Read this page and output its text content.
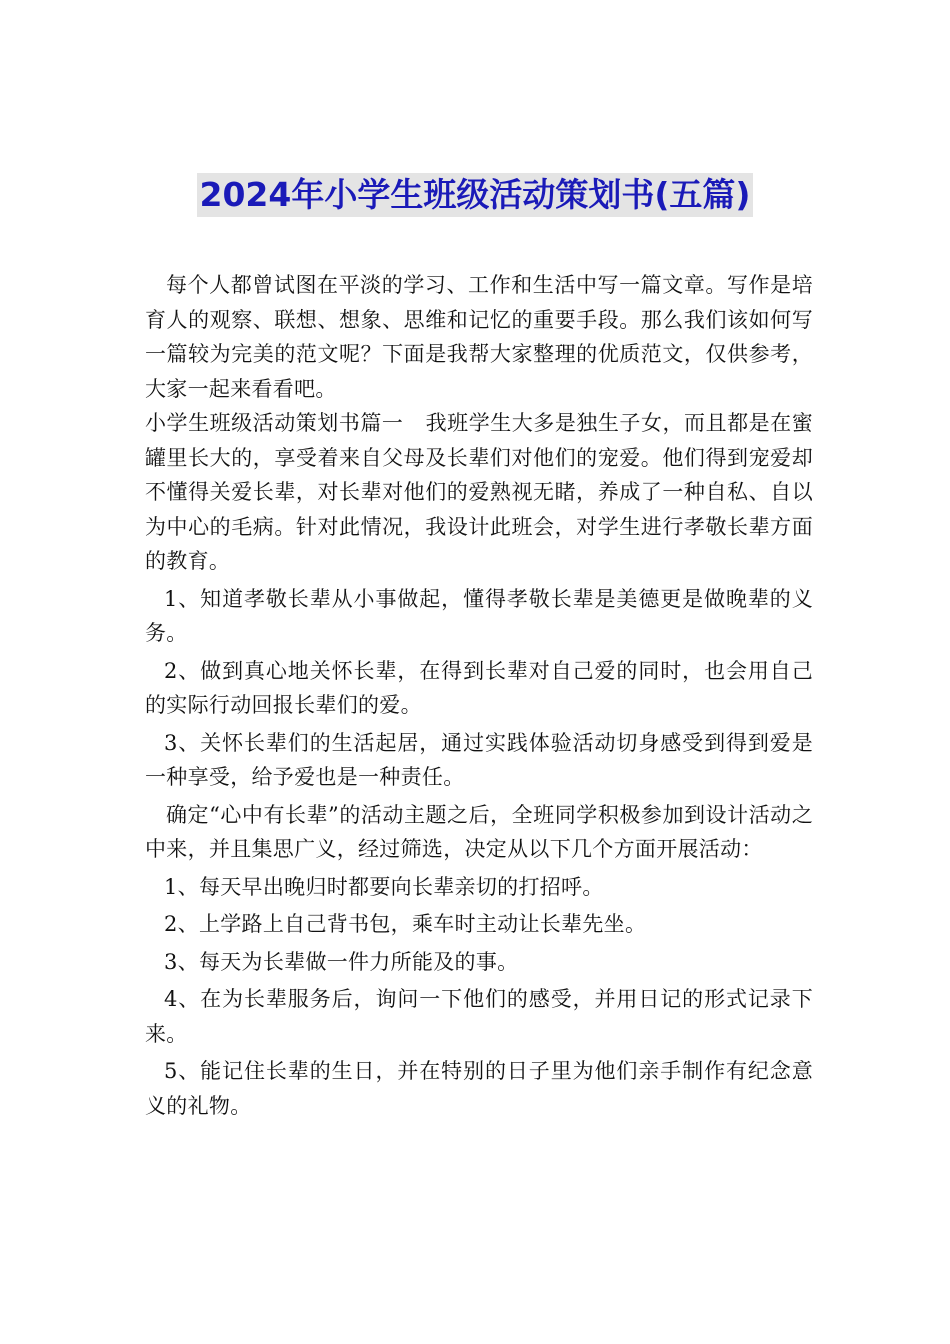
2024年小学生班级活动策划书(五篇)

每个人都曾试图在平淡的学习、工作和生活中写一篇文章。写作是培育人的观察、联想、想象、思维和记忆的重要手段。那么我们该如何写一篇较为完美的范文呢？下面是我帮大家整理的优质范文，仅供参考，大家一起来看看吧。

小学生班级活动策划书篇一 我班学生大多是独生子女，而且都是在蜜罐里长大的，享受着来自父母及长辈们对他们的宠爱。他们得到宠爱却不懂得关爱长辈，对长辈对他们的爱熟视无睹，养成了一种自私、自以为中心的毛病。针对此情况，我设计此班会，对学生进行孝敬长辈方面的教育。

1、知道孝敬长辈从小事做起，懂得孝敬长辈是美德更是做晚辈的义务。

2、做到真心地关怀长辈，在得到长辈对自己爱的同时，也会用自己的实际行动回报长辈们的爱。

3、关怀长辈们的生活起居，通过实践体验活动切身感受到得到爱是一种享受，给予爱也是一种责任。

确定“心中有长辈”的活动主题之后，全班同学积极参加到设计活动之中来，并且集思广义，经过筛选，决定从以下几个方面开展活动：

1、每天早出晚归时都要向长辈亲切的打招呼。

2、上学路上自己背书包，乘车时主动让长辈先坐。

3、每天为长辈做一件力所能及的事。

4、在为长辈服务后，询问一下他们的感受，并用日记的形式记录下来。

5、能记住长辈的生日，并在特别的日子里为他们亲手制作有纪念意义的礼物。
